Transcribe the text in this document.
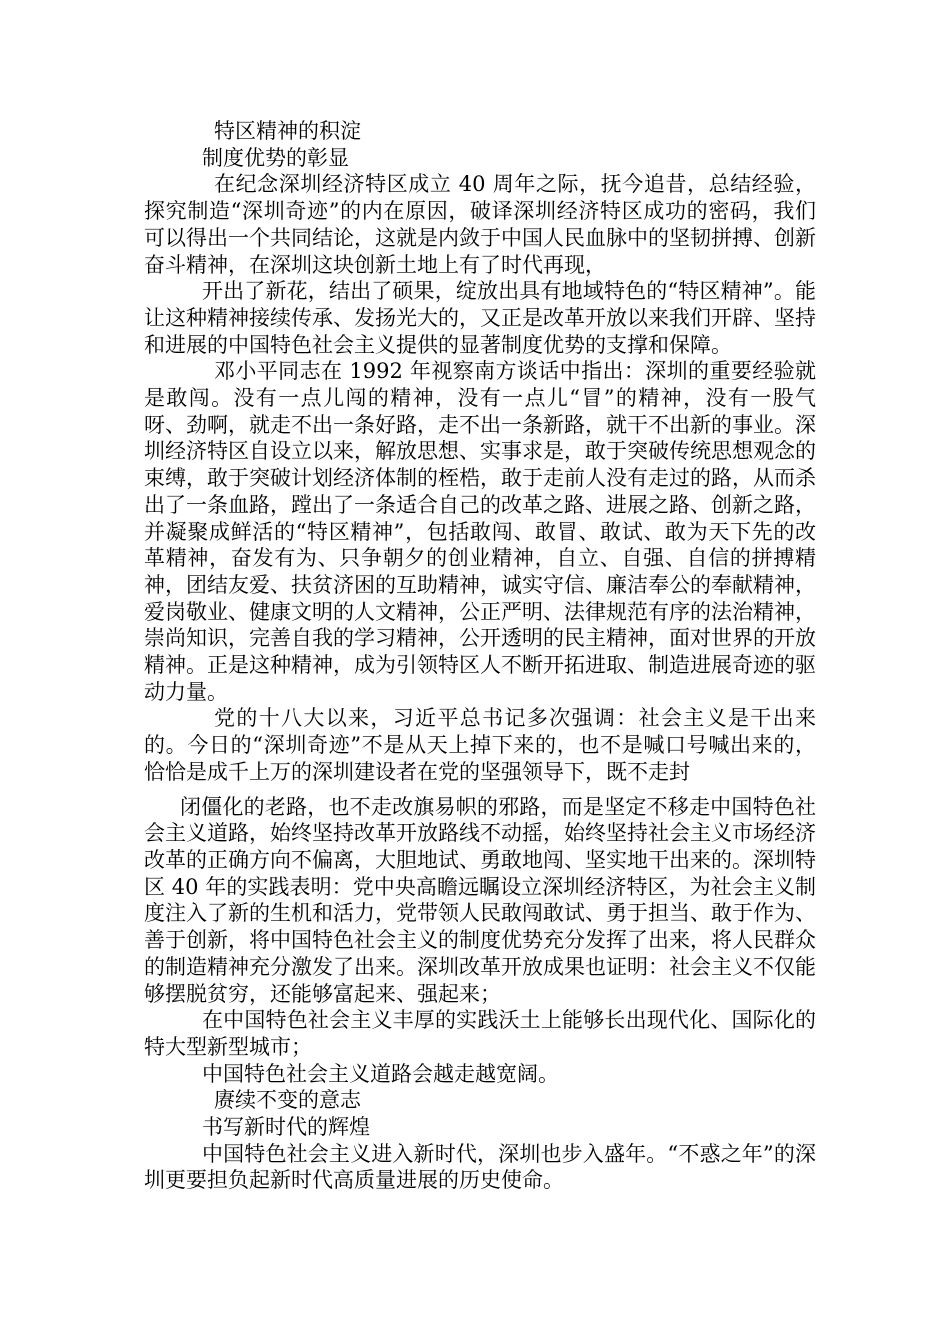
特区精神的积淀

制度优势的彰显

在纪念深圳经济特区成立 40 周年之际，抚今追昔，总结经验，探究制造“深圳奇迹”的内在原因，破译深圳经济特区成功的密码，我们可以得出一个共同结论，这就是内敛于中国人民血脉中的坚韧拼搏、创新奋斗精神，在深圳这块创新土地上有了时代再现，

开出了新花，结出了硕果，绽放出具有地域特色的“特区精神”。能让这种精神接续传承、发扬光大的，又正是改革开放以来我们开辟、坚持和进展的中国特色社会主义提供的显著制度优势的支撑和保障。

邓小平同志在 1992 年视察南方谈话中指出：深圳的重要经验就是敢闯。没有一点儿闯的精神，没有一点儿“冒”的精神，没有一股气呀、劲啊，就走不出一条好路，走不出一条新路，就干不出新的事业。深圳经济特区自设立以来，解放思想、实事求是，敢于突破传统思想观念的束缚，敢于突破计划经济体制的桎梏，敢于走前人没有走过的路，从而杀出了一条血路，蹚出了一条适合自己的改革之路、进展之路、创新之路，并凝聚成鲜活的“特区精神”，包括敢闯、敢冒、敢试、敢为天下先的改革精神，奋发有为、只争朝夕的创业精神，自立、自强、自信的拼搏精神，团结友爱、扶贫济困的互助精神，诚实守信、廉洁奉公的奉献精神，爱岗敬业、健康文明的人文精神，公正严明、法律规范有序的法治精神，崇尚知识，完善自我的学习精神，公开透明的民主精神，面对世界的开放精神。正是这种精神，成为引领特区人不断开拓进取、制造进展奇迹的驱动力量。

党的十八大以来，习近平总书记多次强调：社会主义是干出来的。今日的“深圳奇迹”不是从天上掉下来的，也不是喊口号喊出来的，恰恰是成千上万的深圳建设者在党的坚强领导下，既不走封

闭僵化的老路，也不走改旗易帜的邪路，而是坚定不移走中国特色社会主义道路，始终坚持改革开放路线不动摇，始终坚持社会主义市场经济改革的正确方向不偏离，大胆地试、勇敢地闯、坚实地干出来的。深圳特区 40 年的实践表明：党中央高瞻远瞩设立深圳经济特区，为社会主义制度注入了新的生机和活力，党带领人民敢闯敢试、勇于担当、敢于作为、善于创新，将中国特色社会主义的制度优势充分发挥了出来，将人民群众的制造精神充分激发了出来。深圳改革开放成果也证明：社会主义不仅能够摆脱贫穷，还能够富起来、强起来；

在中国特色社会主义丰厚的实践沃土上能够长出现代化、国际化的特大型新型城市；

中国特色社会主义道路会越走越宽阔。

赓续不变的意志

书写新时代的辉煌

中国特色社会主义进入新时代，深圳也步入盛年。“不惑之年”的深圳更要担负起新时代高质量进展的历史使命。
